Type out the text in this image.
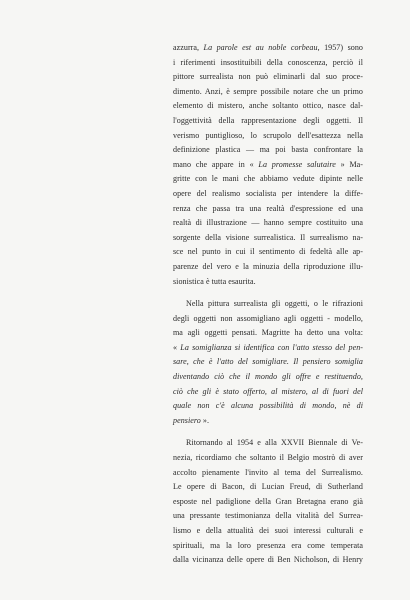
azzurra, La parole est au noble corbeau, 1957) sono
i riferimenti insostituibili della conoscenza, perciò il
pittore surrealista non può eliminarli dal suo proce-
dimento. Anzi, è sempre possibile notare che un primo
elemento di mistero, anche soltanto ottico, nasce dal-
l'oggettività della rappresentazione degli oggetti. Il
verismo puntiglioso, lo scrupolo dell'esattezza nella
definizione plastica — ma poi basta confrontare la
mano che appare in « La promesse salutaire » Ma-
gritte con le mani che abbiamo vedute dipinte nelle
opere del realismo socialista per intendere la diffe-
renza che passa tra una realtà d'espressione ed una
realtà di illustrazione — hanno sempre costituito una
sorgente della visione surrealistica. Il surrealismo na-
sce nel punto in cui il sentimento di fedeltà alle ap-
parenze del vero e la minuzia della riproduzione illu-
sionistica è tutta esaurita.
Nella pittura surrealista gli oggetti, o le rifrazioni
degli oggetti non assomigliano agli oggetti - modello,
ma agli oggetti pensati. Magritte ha detto una volta:
« La somiglianza si identifica con l'atto stesso del pen-
sare, che è l'atto del somigliare. Il pensiero somiglia
diventando ciò che il mondo gli offre e restituendo,
ciò che gli è stato offerto, al mistero, al di fuori del
quale non c'è alcuna possibilità di mondo, nè di
pensiero ».
Ritornando al 1954 e alla XXVII Biennale di Ve-
nezia, ricordiamo che soltanto il Belgio mostrò di aver
accolto pienamente l'invito al tema del Surrealismo.
Le opere di Bacon, di Lucian Freud, di Sutherland
esposte nel padiglione della Gran Bretagna erano già
una pressante testimonianza della vitalità del Surrea-
lismo e della attualità dei suoi interessi culturali e
spirituali, ma la loro presenza era come temperata
dalla vicinanza delle opere di Ben Nicholson, di Henry
